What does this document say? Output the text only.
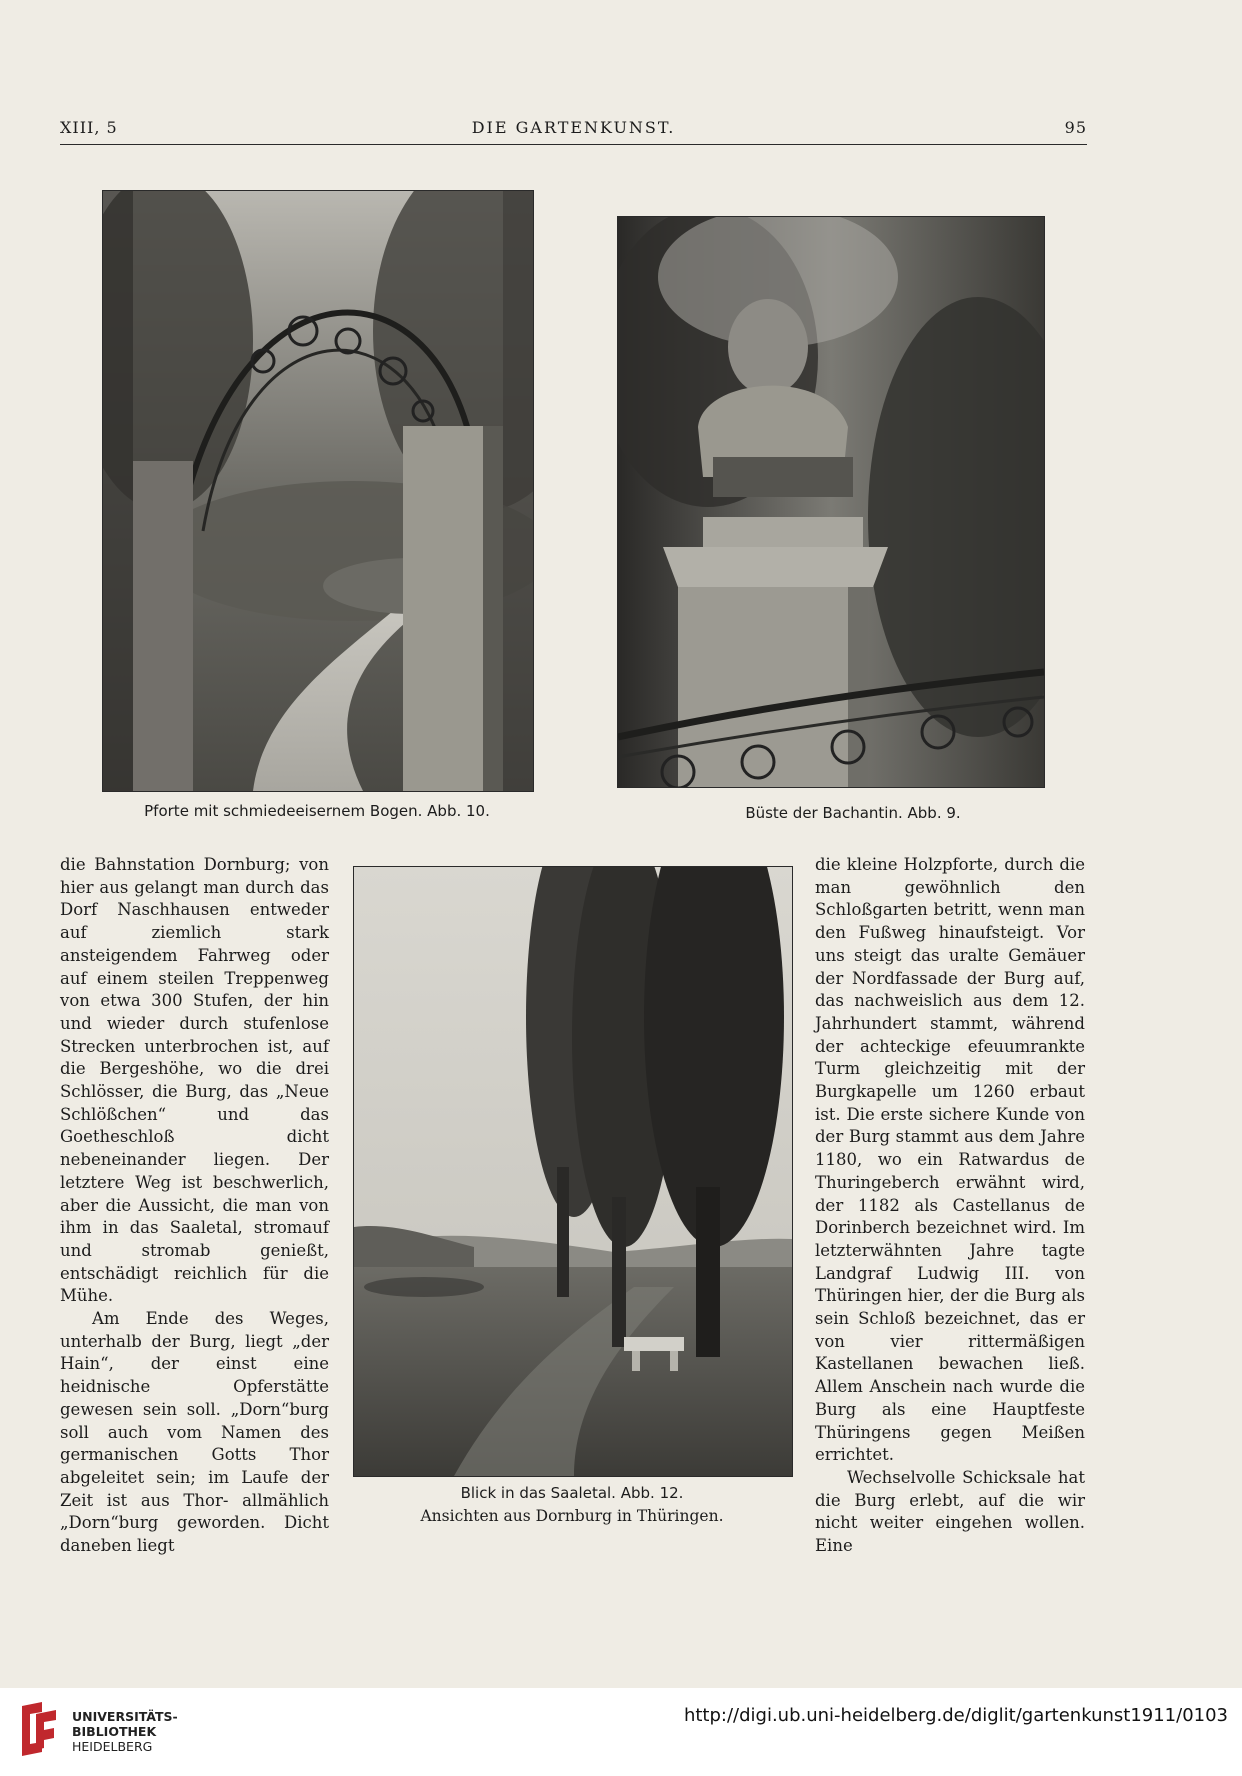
XIII, 5	DIE GARTENKUNST.	95
Pforte mit schmiedeeisernem Bogen. Abb. 10.	Büste der Bachantin. Abb. 9.

die Bahnstation Dornburg; von hier aus gelangt man durch das Dorf Naschhausen entweder auf ziemlich stark ansteigendem Fahrweg oder auf einem steilen Treppenweg von etwa 300 Stufen, der hin und wieder durch stufenlose Strecken unterbrochen ist, auf die Bergeshöhe, wo die drei Schlösser, die Burg, das „Neue Schlößchen“ und das Goetheschloß dicht nebeneinander liegen. Der letztere Weg ist beschwerlich, aber die Aussicht, die man von ihm in das Saaletal, stromauf und stromab genießt, entschädigt reichlich für die Mühe.

Am Ende des Weges, unterhalb der Burg, liegt „der Hain“, der einst eine heidnische Opferstätte gewesen sein soll. „Dorn“burg soll auch vom Namen des germanischen Gotts Thor abgeleitet sein; im Laufe der Zeit ist aus Thor- allmählich „Dorn“burg geworden. Dicht daneben liegt

Blick in das Saaletal. Abb. 12.
Ansichten aus Dornburg in Thüringen.

die kleine Holzpforte, durch die man gewöhnlich den Schloßgarten betritt, wenn man den Fußweg hinaufsteigt. Vor uns steigt das uralte Gemäuer der Nordfassade der Burg auf, das nachweislich aus dem 12. Jahrhundert stammt, während der achteckige efeuumrankte Turm gleichzeitig mit der Burgkapelle um 1260 erbaut ist. Die erste sichere Kunde von der Burg stammt aus dem Jahre 1180, wo ein Ratwardus de Thuringeberch erwähnt wird, der 1182 als Castellanus de Dorinberch bezeichnet wird. Im letzterwähnten Jahre tagte Landgraf Ludwig III. von Thüringen hier, der die Burg als sein Schloß bezeichnet, das er von vier rittermäßigen Kastellanen bewachen ließ. Allem Anschein nach wurde die Burg als eine Hauptfeste Thüringens gegen Meißen errichtet.

Wechselvolle Schicksale hat die Burg erlebt, auf die wir nicht weiter eingehen wollen. Eine

UNIVERSITÄTS-
BIBLIOTHEK
HEIDELBERG
http://digi.ub.uni-heidelberg.de/diglit/gartenkunst1911/0103
